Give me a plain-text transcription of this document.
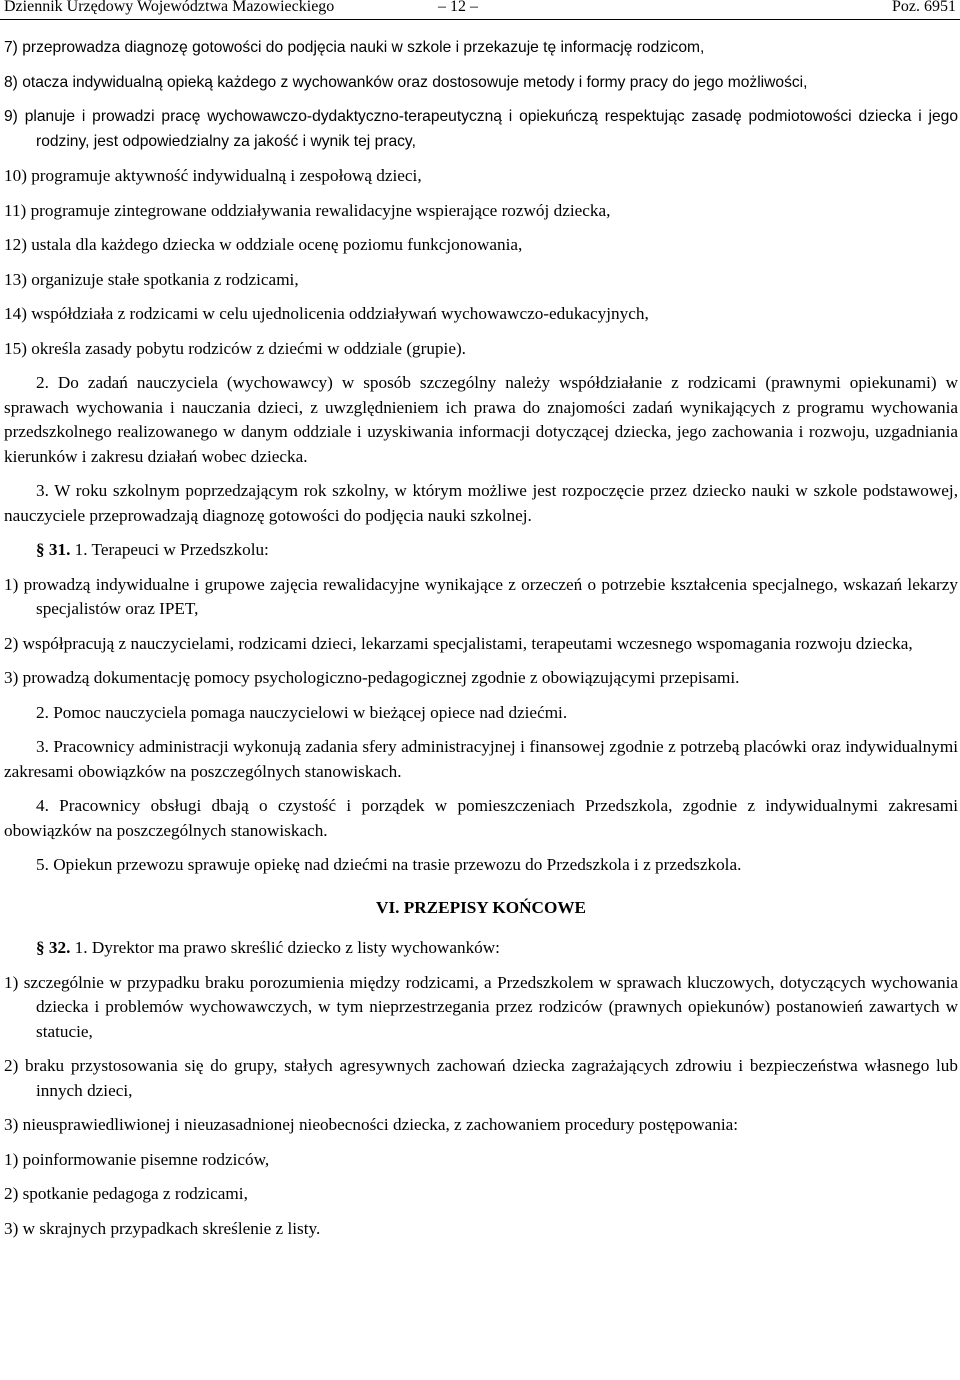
Dziennik Urzędowy Województwa Mazowieckiego	– 12 –	Poz. 6951

7) przeprowadza diagnozę gotowości do podjęcia nauki w szkole i przekazuje tę informację rodzicom,

8) otacza indywidualną opieką każdego z wychowanków oraz dostosowuje metody i formy pracy do jego możliwości,

9) planuje i prowadzi pracę wychowawczo-dydaktyczno-terapeutyczną i opiekuńczą respektując zasadę podmiotowości dziecka i jego rodziny, jest odpowiedzialny za jakość i wynik tej pracy,

10) programuje aktywność indywidualną i zespołową dzieci,

11) programuje zintegrowane oddziaływania rewalidacyjne wspierające rozwój dziecka,

12) ustala dla każdego dziecka w oddziale ocenę poziomu funkcjonowania,

13) organizuje stałe spotkania z rodzicami,

14) współdziała z rodzicami w celu ujednolicenia oddziaływań wychowawczo-edukacyjnych,

15) określa zasady pobytu rodziców z dziećmi w oddziale (grupie).

2. Do zadań nauczyciela (wychowawcy) w sposób szczególny należy współdziałanie z rodzicami (prawnymi opiekunami) w sprawach wychowania i nauczania dzieci, z uwzględnieniem ich prawa do znajomości zadań wynikających z programu wychowania przedszkolnego realizowanego w danym oddziale i uzyskiwania informacji dotyczącej dziecka, jego zachowania i rozwoju, uzgadniania kierunków i zakresu działań wobec dziecka.

3. W roku szkolnym poprzedzającym rok szkolny, w którym możliwe jest rozpoczęcie przez dziecko nauki w szkole podstawowej, nauczyciele przeprowadzają diagnozę gotowości do podjęcia nauki szkolnej.

§ 31. 1. Terapeuci w Przedszkolu:

1) prowadzą indywidualne i grupowe zajęcia rewalidacyjne wynikające z orzeczeń o potrzebie kształcenia specjalnego, wskazań lekarzy specjalistów oraz IPET,

2) współpracują z nauczycielami, rodzicami dzieci, lekarzami specjalistami, terapeutami wczesnego wspomagania rozwoju dziecka,

3) prowadzą dokumentację pomocy psychologiczno-pedagogicznej zgodnie z obowiązującymi przepisami.

2. Pomoc nauczyciela pomaga nauczycielowi w bieżącej opiece nad dziećmi.

3. Pracownicy administracji wykonują zadania sfery administracyjnej i finansowej zgodnie z potrzebą placówki oraz indywidualnymi zakresami obowiązków na poszczególnych stanowiskach.

4. Pracownicy obsługi dbają o czystość i porządek w pomieszczeniach Przedszkola, zgodnie z indywidualnymi zakresami obowiązków na poszczególnych stanowiskach.

5. Opiekun przewozu sprawuje opiekę nad dziećmi na trasie przewozu do Przedszkola i z przedszkola.

VI. PRZEPISY KOŃCOWE

§ 32. 1. Dyrektor ma prawo skreślić dziecko z listy wychowanków:

1) szczególnie w przypadku braku porozumienia między rodzicami, a Przedszkolem w sprawach kluczowych, dotyczących wychowania dziecka i problemów wychowawczych, w tym nieprzestrzegania przez rodziców (prawnych opiekunów) postanowień zawartych w statucie,

2) braku przystosowania się do grupy, stałych agresywnych zachowań dziecka zagrażających zdrowiu i bezpieczeństwa własnego lub innych dzieci,

3) nieusprawiedliwionej i nieuzasadnionej nieobecności dziecka, z zachowaniem procedury postępowania:

1) poinformowanie pisemne rodziców,

2) spotkanie pedagoga z rodzicami,

3) w skrajnych przypadkach skreślenie z listy.
